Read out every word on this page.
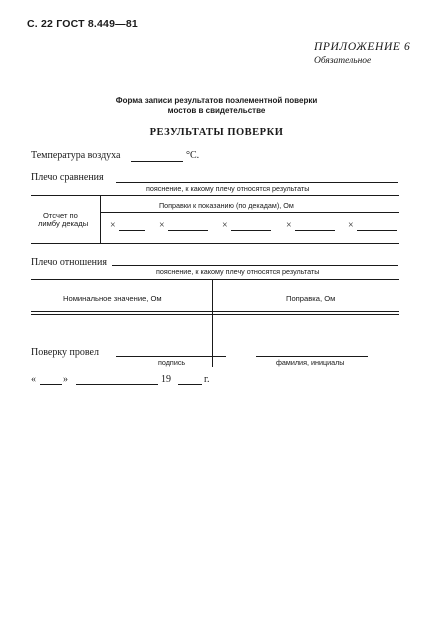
С. 22 ГОСТ 8.449—81
ПРИЛОЖЕНИЕ 6
Обязательное
Форма записи результатов поэлементной поверки
мостов в свидетельстве
РЕЗУЛЬТАТЫ ПОВЕРКИ
Температура воздуха	°С.
Плечо сравнения
пояснение, к какому плечу относятся результаты
Отсчет по
лимбу декады
Поправки к показанию (по декадам), Ом
×	×	×	×	×
Плечо отношения
пояснение, к какому плечу относятся результаты
Номинальное значение, Ом	Поправка, Ом
Поверку провел
подпись	фамилия, инициалы
«	»	19	г.
